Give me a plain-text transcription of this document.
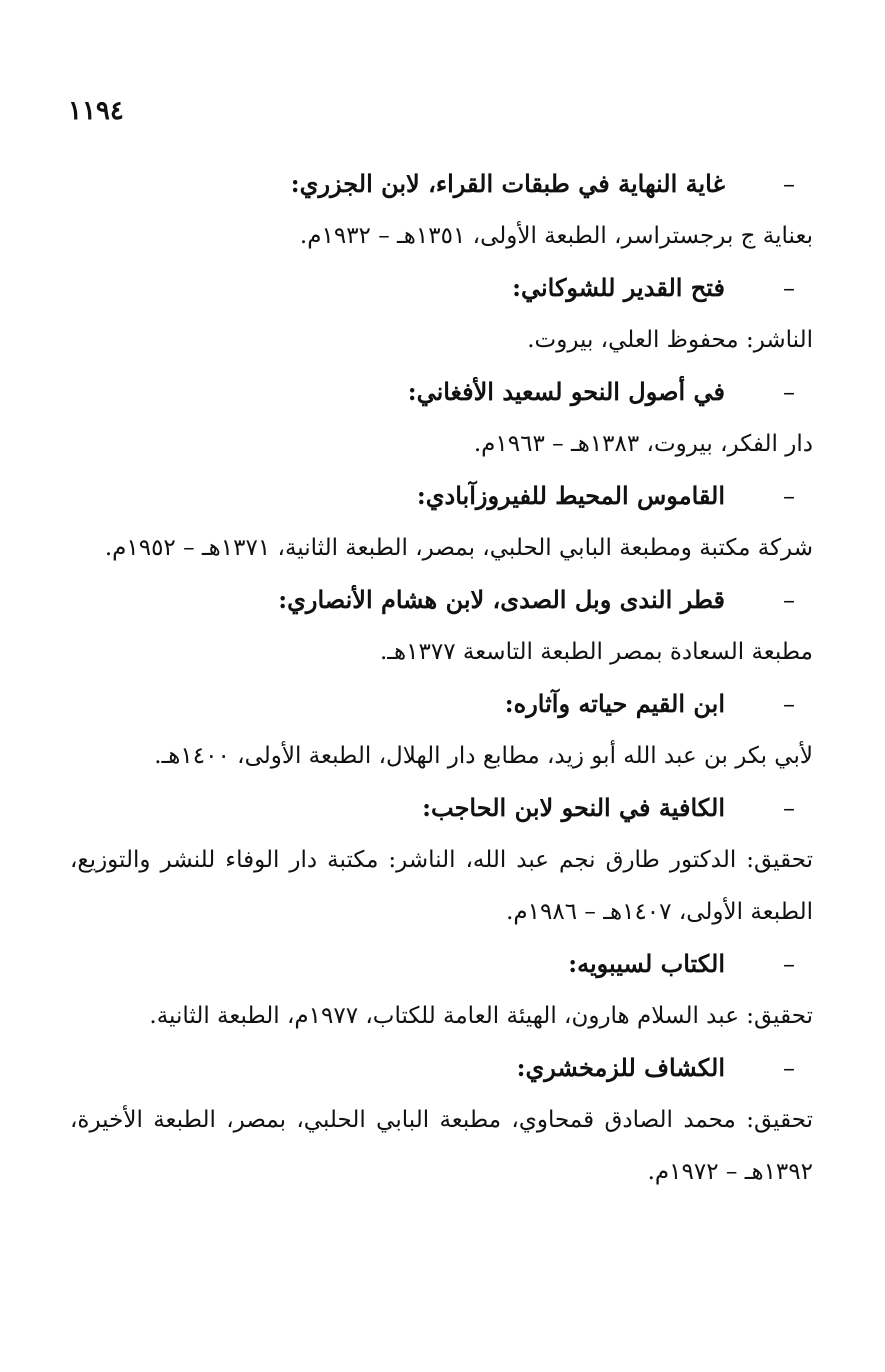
١١٩٤
–
غاية النهاية في طبقات القراء، لابن الجزري:
بعناية ج برجستراسر، الطبعة الأولى، ١٣٥١هـ – ١٩٣٢م.
–
فتح القدير للشوكاني:
الناشر: محفوظ العلي، بيروت.
–
في أصول النحو لسعيد الأفغاني:
دار الفكر، بيروت، ١٣٨٣هـ – ١٩٦٣م.
–
القاموس المحيط للفيروزآبادي:
شركة مكتبة ومطبعة البابي الحلبي، بمصر، الطبعة الثانية، ١٣٧١هـ – ١٩٥٢م.
–
قطر الندى وبل الصدى، لابن هشام الأنصاري:
مطبعة السعادة بمصر الطبعة التاسعة ١٣٧٧هـ.
–
ابن القيم حياته وآثاره:
لأبي بكر بن عبد الله أبو زيد، مطابع دار الهلال، الطبعة الأولى، ١٤٠٠هـ.
–
الكافية في النحو لابن الحاجب:
تحقيق: الدكتور طارق نجم عبد الله، الناشر: مكتبة دار الوفاء للنشر والتوزيع، الطبعة الأولى، ١٤٠٧هـ – ١٩٨٦م.
–
الكتاب لسيبويه:
تحقيق: عبد السلام هارون، الهيئة العامة للكتاب، ١٩٧٧م، الطبعة الثانية.
–
الكشاف للزمخشري:
تحقيق: محمد الصادق قمحاوي، مطبعة البابي الحلبي، بمصر، الطبعة الأخيرة، ١٣٩٢هـ – ١٩٧٢م.
